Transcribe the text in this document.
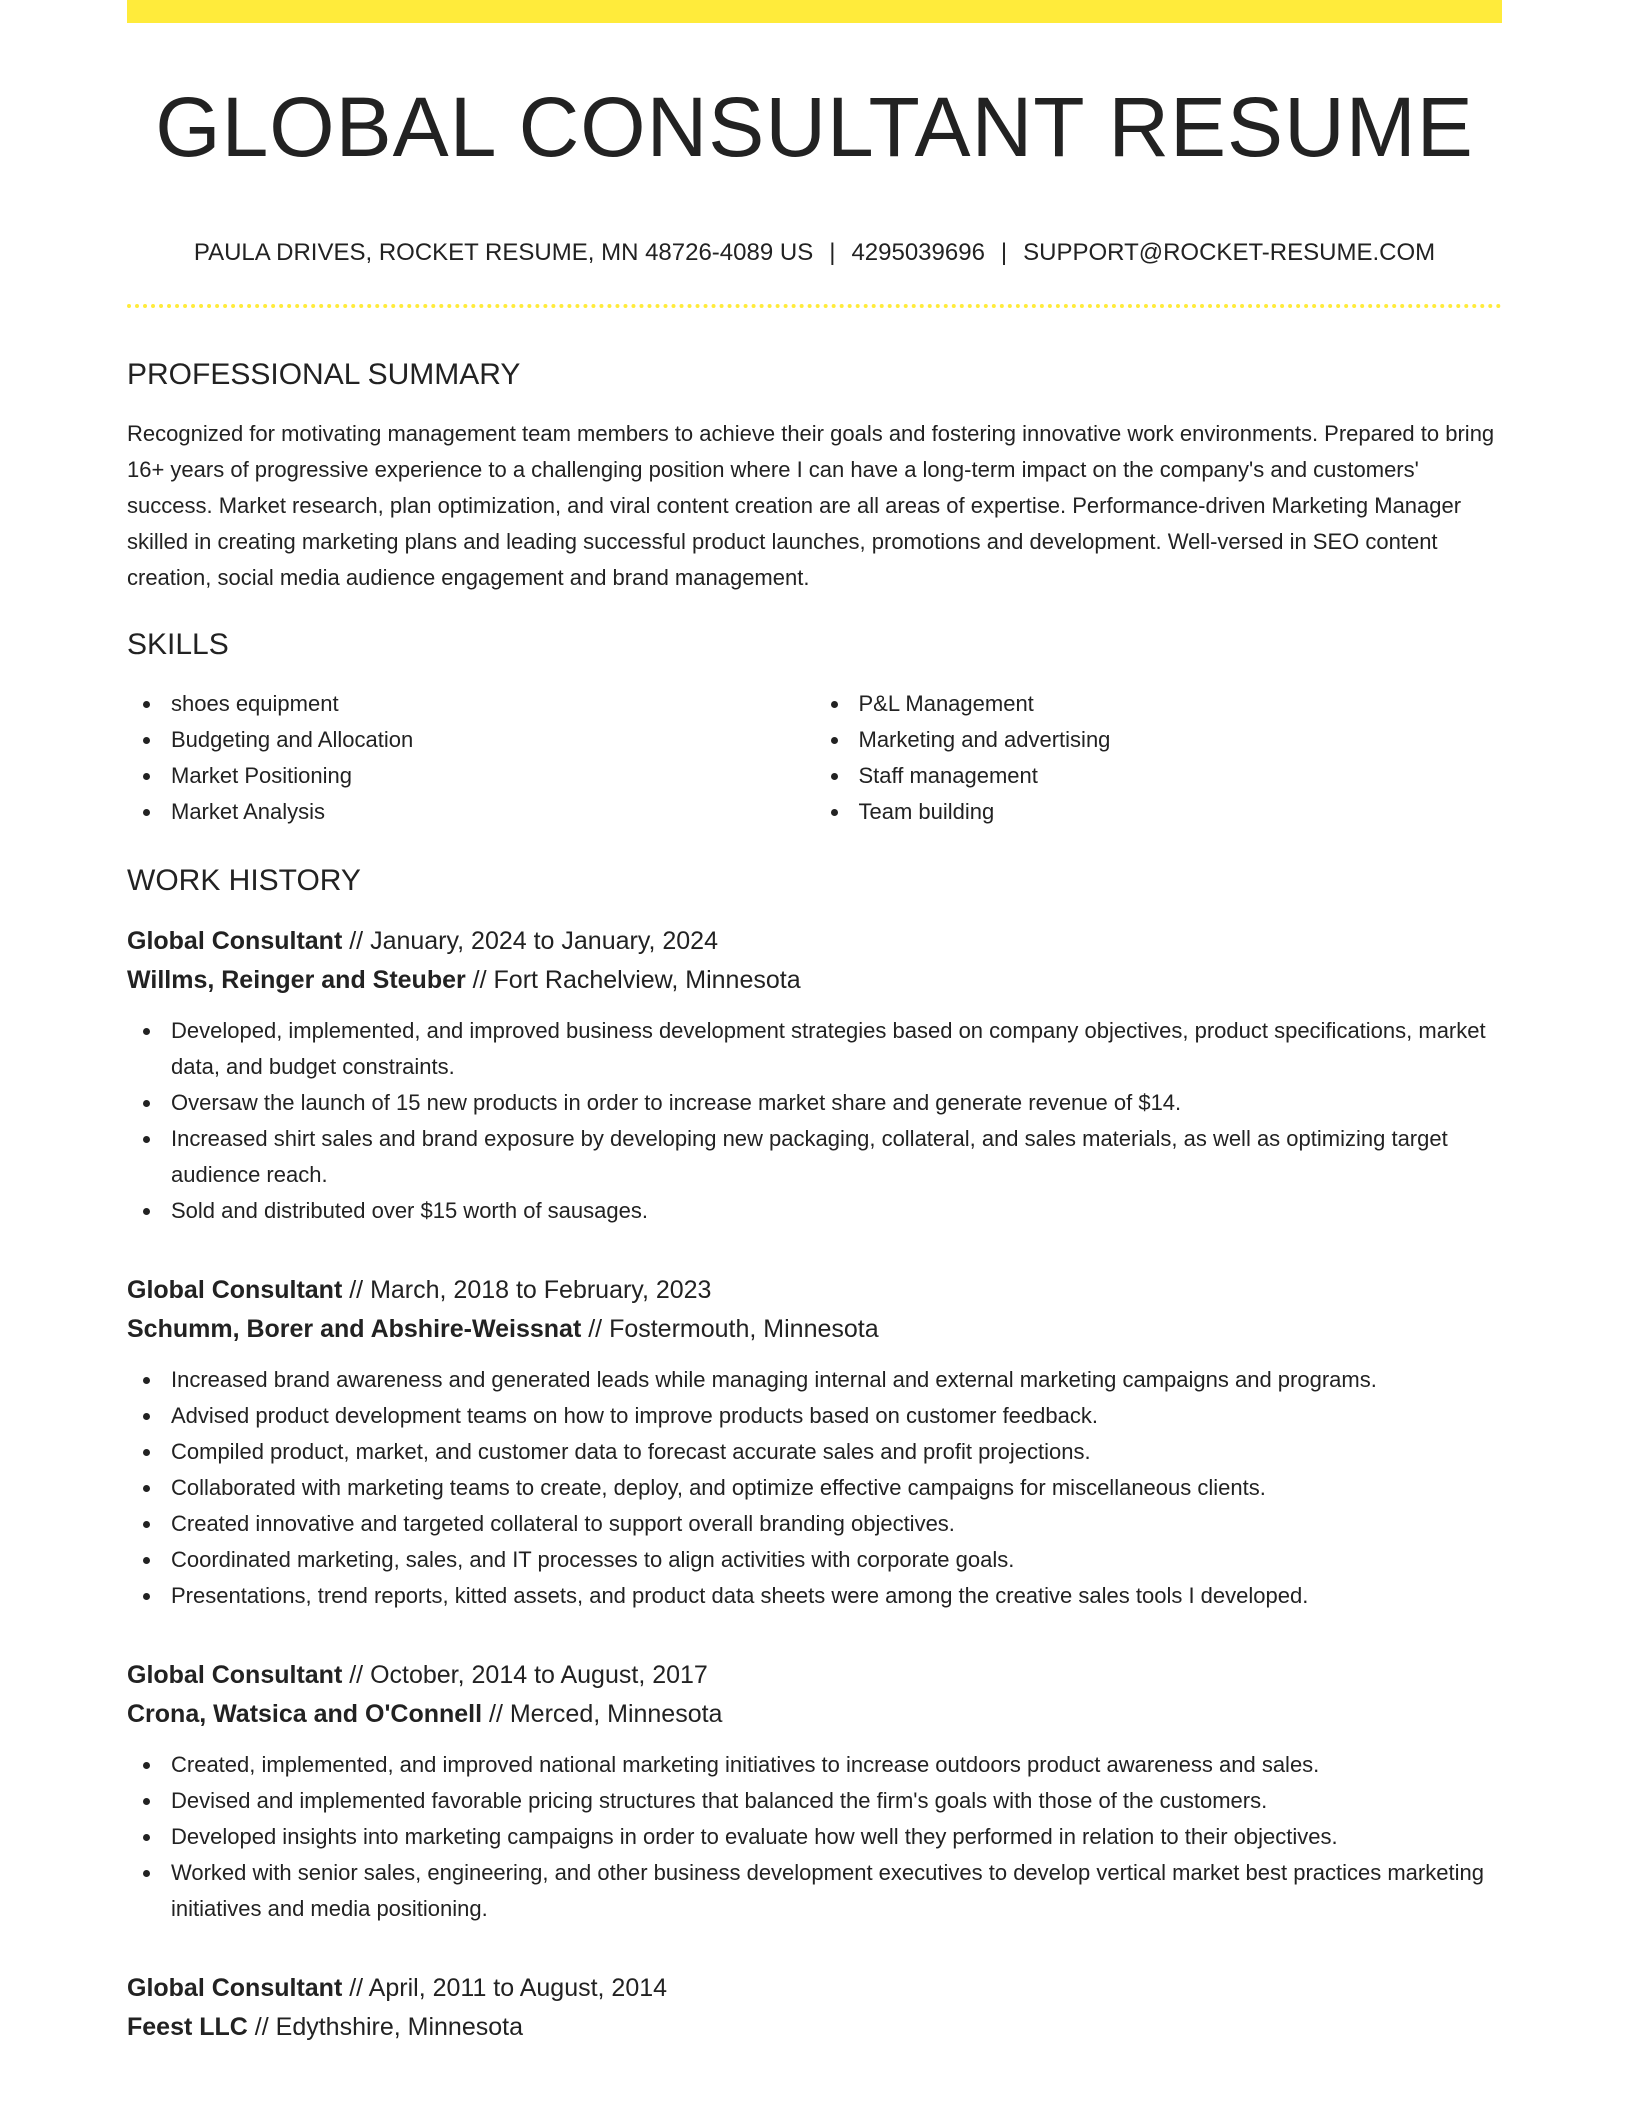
GLOBAL CONSULTANT RESUME
PAULA DRIVES, ROCKET RESUME, MN 48726-4089 US | 4295039696 | SUPPORT@ROCKET-RESUME.COM
PROFESSIONAL SUMMARY

Recognized for motivating management team members to achieve their goals and fostering innovative work environments. Prepared to bring 16+ years of progressive experience to a challenging position where I can have a long-term impact on the company's and customers' success. Market research, plan optimization, and viral content creation are all areas of expertise. Performance-driven Marketing Manager skilled in creating marketing plans and leading successful product launches, promotions and development. Well-versed in SEO content creation, social media audience engagement and brand management.

SKILLS
shoes equipment
Budgeting and Allocation
Market Positioning
Market Analysis
P&L Management
Marketing and advertising
Staff management
Team building
WORK HISTORY
Global Consultant // January, 2024 to January, 2024
Willms, Reinger and Steuber // Fort Rachelview, Minnesota
Developed, implemented, and improved business development strategies based on company objectives, product specifications, market data, and budget constraints.
Oversaw the launch of 15 new products in order to increase market share and generate revenue of $14.
Increased shirt sales and brand exposure by developing new packaging, collateral, and sales materials, as well as optimizing target audience reach.
Sold and distributed over $15 worth of sausages.
Global Consultant // March, 2018 to February, 2023
Schumm, Borer and Abshire-Weissnat // Fostermouth, Minnesota
Increased brand awareness and generated leads while managing internal and external marketing campaigns and programs.
Advised product development teams on how to improve products based on customer feedback.
Compiled product, market, and customer data to forecast accurate sales and profit projections.
Collaborated with marketing teams to create, deploy, and optimize effective campaigns for miscellaneous clients.
Created innovative and targeted collateral to support overall branding objectives.
Coordinated marketing, sales, and IT processes to align activities with corporate goals.
Presentations, trend reports, kitted assets, and product data sheets were among the creative sales tools I developed.
Global Consultant // October, 2014 to August, 2017
Crona, Watsica and O'Connell // Merced, Minnesota
Created, implemented, and improved national marketing initiatives to increase outdoors product awareness and sales.
Devised and implemented favorable pricing structures that balanced the firm's goals with those of the customers.
Developed insights into marketing campaigns in order to evaluate how well they performed in relation to their objectives.
Worked with senior sales, engineering, and other business development executives to develop vertical market best practices marketing initiatives and media positioning.
Global Consultant // April, 2011 to August, 2014
Feest LLC // Edythshire, Minnesota
